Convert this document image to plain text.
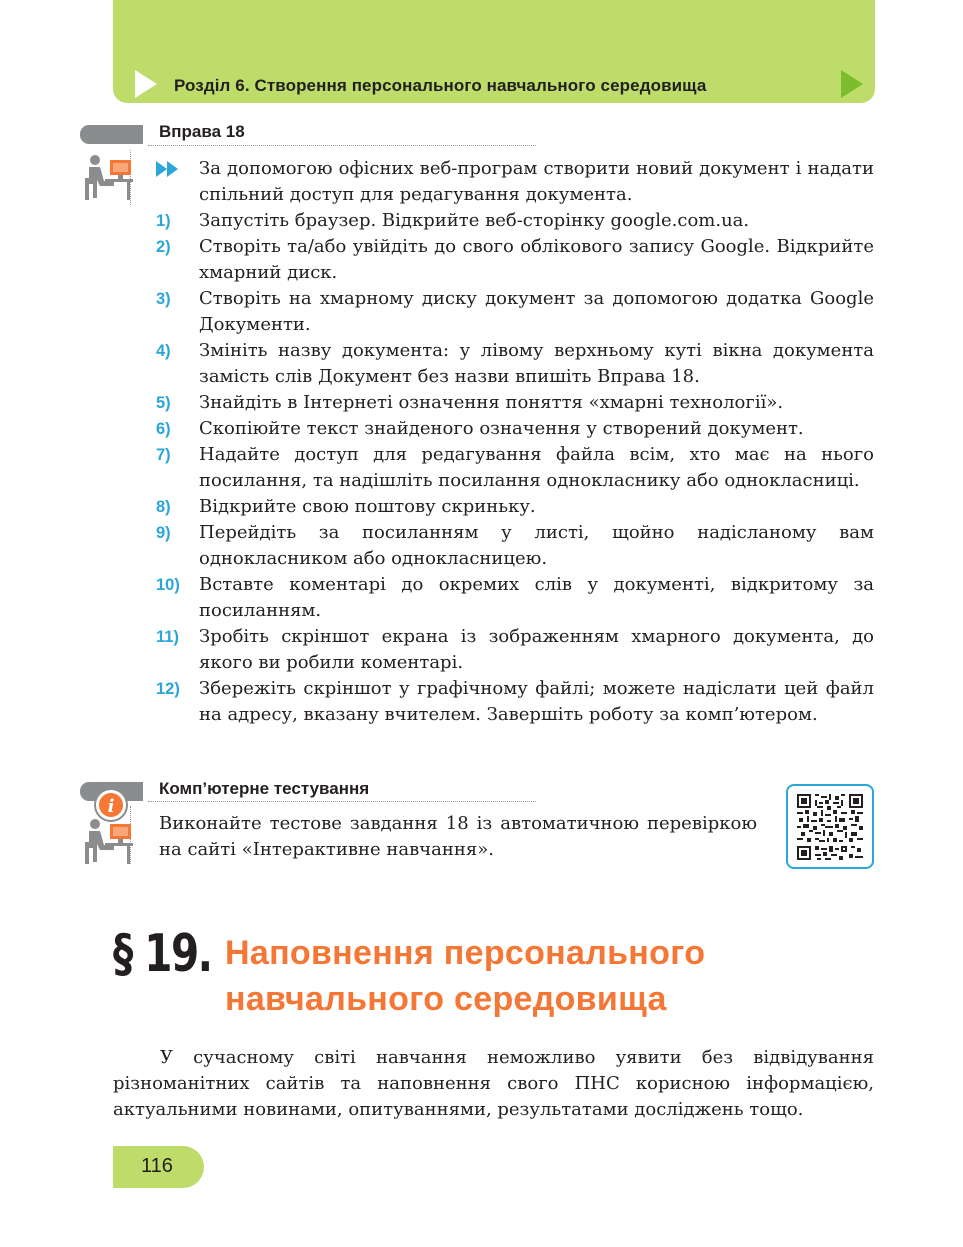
Розділ 6. Створення персонального навчального середовища
Вправа 18
За допомогою офісних веб-програм створити новий документ і надати спільний доступ для редагування документа.
1)	Запустіть браузер. Відкрийте веб-сторінку google.com.ua.
2)	Створіть та/або увійдіть до свого облікового запису Google. Відкрийте хмарний диск.
3)	Створіть на хмарному диску документ за допомогою додатка Google Документи.
4)	Змініть назву документа: у лівому верхньому куті вікна документа замість слів Документ без назви впишіть Вправа 18.
5)	Знайдіть в Інтернеті означення поняття «хмарні технології».
6)	Скопіюйте текст знайденого означення у створений документ.
7)	Надайте доступ для редагування файла всім, хто має на нього посилання, та надішліть посилання однокласнику або однокласниці.
8)	Відкрийте свою поштову скриньку.
9)	Перейдіть за посиланням у листі, щойно надісланому вам однокласником або однокласницею.
10)	Вставте коментарі до окремих слів у документі, відкритому за посиланням.
11)	Зробіть скріншот екрана із зображенням хмарного документа, до якого ви робили коментарі.
12)	Збережіть скріншот у графічному файлі; можете надіслати цей файл на адресу, вказану вчителем. Завершіть роботу за комп’ютером.
i
Комп’ютерне тестування
Виконайте тестове завдання 18 із автоматичною перевіркою на сайті «Інтерактивне навчання».
§ 19. Наповнення персонального
навчального середовища
У сучасному світі навчання неможливо уявити без відвідування різноманітних сайтів та наповнення свого ПНС корисною інформацією, актуальними новинами, опитуваннями, результатами досліджень тощо.
116
